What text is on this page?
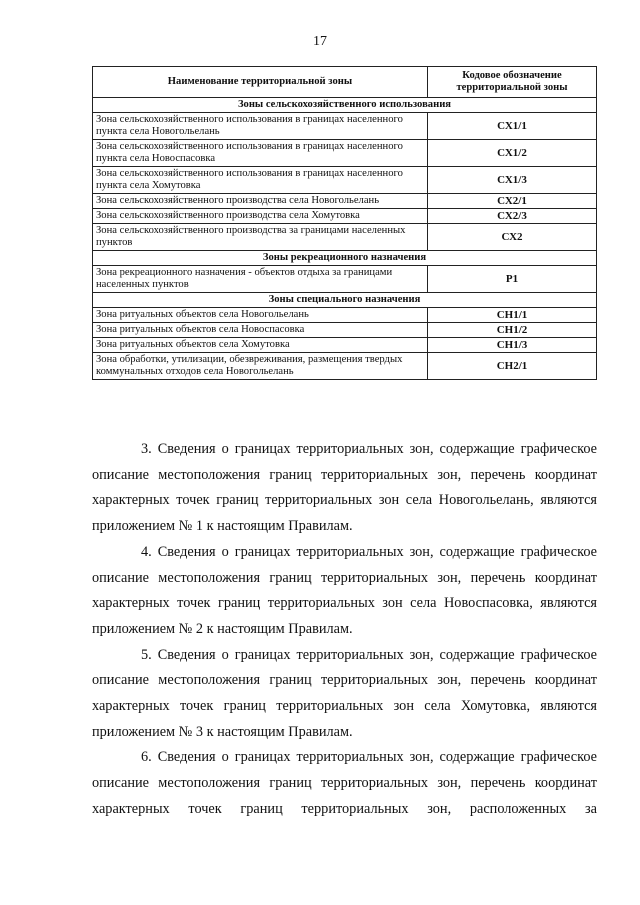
17
Наименование территориальной зоны	Кодовое обозначение территориальной зоны
Зоны сельскохозяйственного использования	
Зона сельскохозяйственного использования в границах населенного пункта села Новогольелань	СХ1/1
Зона сельскохозяйственного использования в границах населенного пункта села Новоспасовка	СХ1/2
Зона сельскохозяйственного использования в границах населенного пункта села Хомутовка	СХ1/3
Зона сельскохозяйственного производства села Новогольелань	СХ2/1
Зона сельскохозяйственного производства села Хомутовка	СХ2/3
Зона сельскохозяйственного производства за границами населенных пунктов	СХ2
Зоны рекреационного назначения	
Зона рекреационного назначения - объектов отдыха за границами населенных пунктов	Р1
Зоны специального назначения	
Зона ритуальных объектов села Новогольелань	СН1/1
Зона ритуальных объектов села Новоспасовка	СН1/2
Зона ритуальных объектов села Хомутовка	СН1/3
Зона обработки, утилизации, обезвреживания, размещения твердых коммунальных отходов села Новогольелань	СН2/1

3. Сведения о границах территориальных зон, содержащие графическое описание местоположения границ территориальных зон, перечень координат характерных точек границ территориальных зон села Новогольелань, являются приложением № 1 к настоящим Правилам.

4. Сведения о границах территориальных зон, содержащие графическое описание местоположения границ территориальных зон, перечень координат характерных точек границ территориальных зон села Новоспасовка, являются приложением № 2 к настоящим Правилам.

5. Сведения о границах территориальных зон, содержащие графическое описание местоположения границ территориальных зон, перечень координат характерных точек границ территориальных зон села Хомутовка, являются приложением № 3 к настоящим Правилам.

6. Сведения о границах территориальных зон, содержащие графическое описание местоположения границ территориальных зон, перечень координат характерных точек границ территориальных зон, расположенных за
